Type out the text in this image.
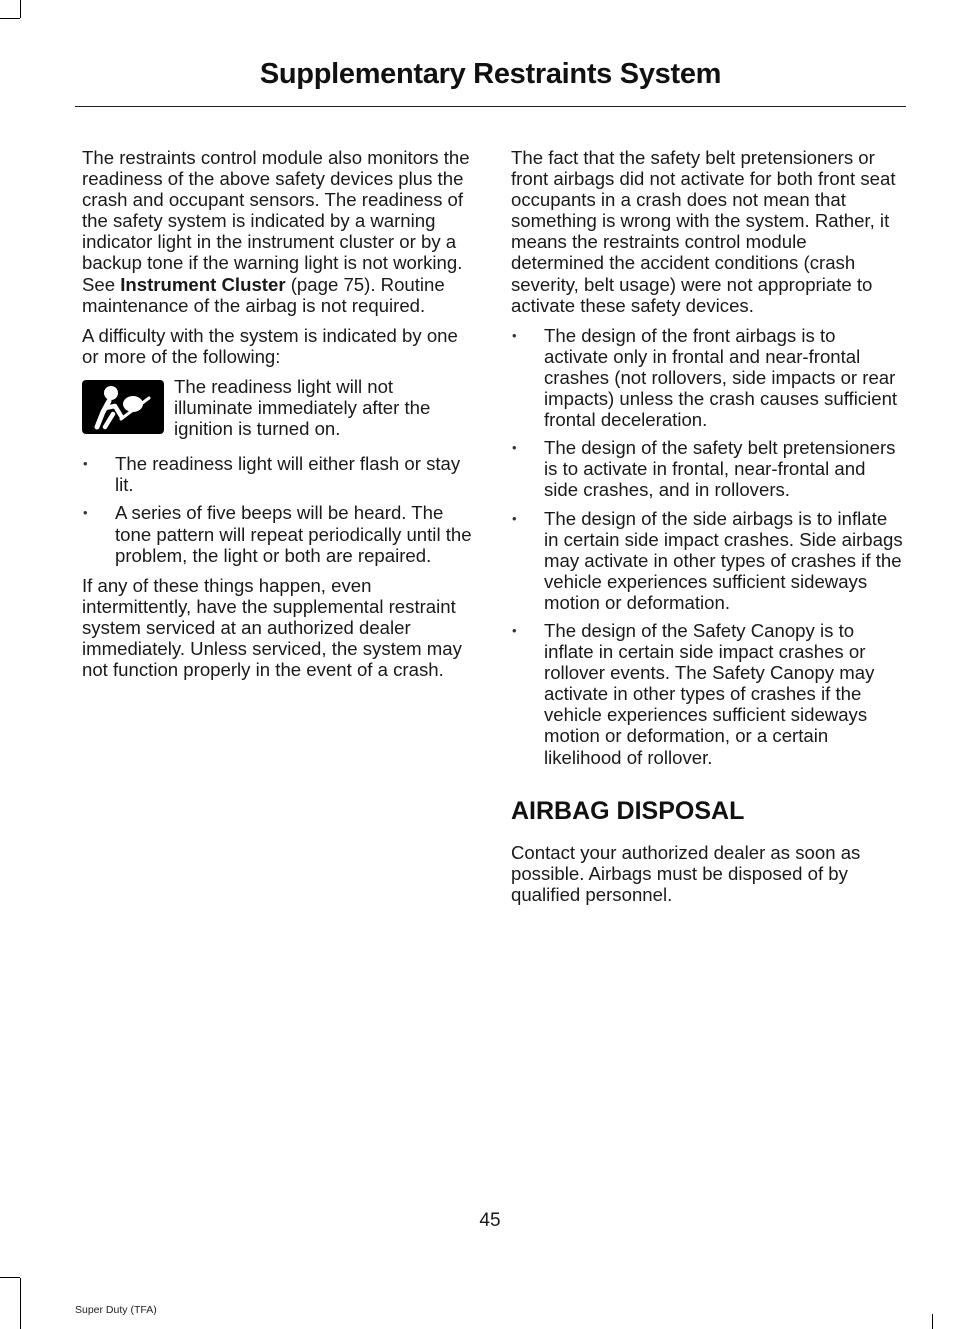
Supplementary Restraints System

The restraints control module also monitors the readiness of the above safety devices plus the crash and occupant sensors. The readiness of the safety system is indicated by a warning indicator light in the instrument cluster or by a backup tone if the warning light is not working. See Instrument Cluster (page 75). Routine maintenance of the airbag is not required.

A difficulty with the system is indicated by one or more of the following:

The readiness light will not illuminate immediately after the ignition is turned on.
• The readiness light will either flash or stay lit.
• A series of five beeps will be heard. The tone pattern will repeat periodically until the problem, the light or both are repaired.

If any of these things happen, even intermittently, have the supplemental restraint system serviced at an authorized dealer immediately. Unless serviced, the system may not function properly in the event of a crash.

The fact that the safety belt pretensioners or front airbags did not activate for both front seat occupants in a crash does not mean that something is wrong with the system. Rather, it means the restraints control module determined the accident conditions (crash severity, belt usage) were not appropriate to activate these safety devices.

• The design of the front airbags is to activate only in frontal and near-frontal crashes (not rollovers, side impacts or rear impacts) unless the crash causes sufficient frontal deceleration.
• The design of the safety belt pretensioners is to activate in frontal, near-frontal and side crashes, and in rollovers.
• The design of the side airbags is to inflate in certain side impact crashes. Side airbags may activate in other types of crashes if the vehicle experiences sufficient sideways motion or deformation.
• The design of the Safety Canopy is to inflate in certain side impact crashes or rollover events. The Safety Canopy may activate in other types of crashes if the vehicle experiences sufficient sideways motion or deformation, or a certain likelihood of rollover.
AIRBAG DISPOSAL

Contact your authorized dealer as soon as possible. Airbags must be disposed of by qualified personnel.

45
Super Duty (TFA)
